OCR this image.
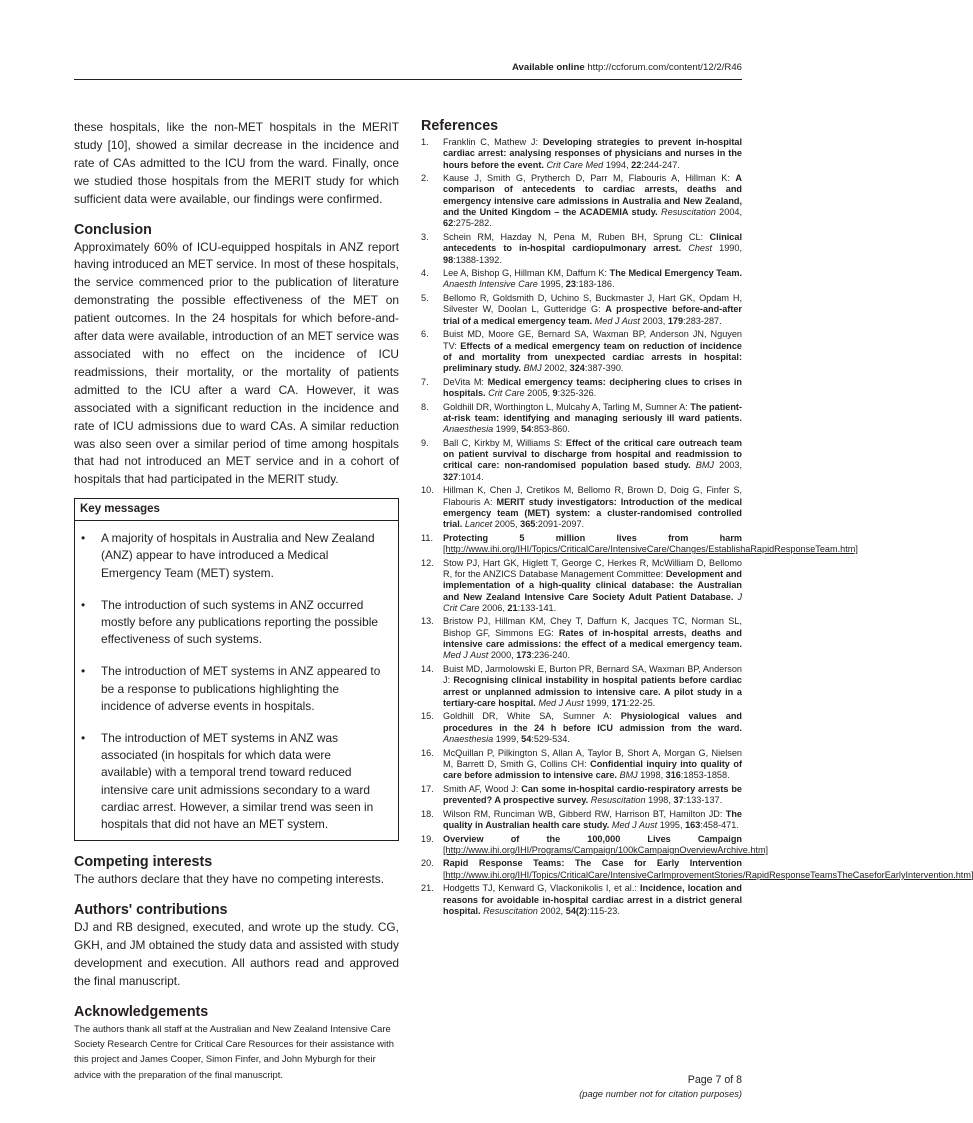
Available online http://ccforum.com/content/12/2/R46

these hospitals, like the non-MET hospitals in the MERIT study [10], showed a similar decrease in the incidence and rate of CAs admitted to the ICU from the ward. Finally, once we studied those hospitals from the MERIT study for which sufficient data were available, our findings were confirmed.

Conclusion

Approximately 60% of ICU-equipped hospitals in ANZ report having introduced an MET service. In most of these hospitals, the service commenced prior to the publication of literature demonstrating the possible effectiveness of the MET on patient outcomes. In the 24 hospitals for which before-and-after data were available, introduction of an MET service was associated with no effect on the incidence of ICU readmissions, their mortality, or the mortality of patients admitted to the ICU after a ward CA. However, it was associated with a significant reduction in the incidence and rate of ICU admissions due to ward CAs. A similar reduction was also seen over a similar period of time among hospitals that had not introduced an MET service and in a cohort of hospitals that had participated in the MERIT study.

Key messages
• A majority of hospitals in Australia and New Zealand (ANZ) appear to have introduced a Medical Emergency Team (MET) system.
• The introduction of such systems in ANZ occurred mostly before any publications reporting the possible effectiveness of such systems.
• The introduction of MET systems in ANZ appeared to be a response to publications highlighting the incidence of adverse events in hospitals.
• The introduction of MET systems in ANZ was associated (in hospitals for which data were available) with a temporal trend toward reduced intensive care unit admissions secondary to a ward cardiac arrest. However, a similar trend was seen in hospitals that did not have an MET system.
Competing interests

The authors declare that they have no competing interests.

Authors' contributions

DJ and RB designed, executed, and wrote up the study. CG, GKH, and JM obtained the study data and assisted with study development and execution. All authors read and approved the final manuscript.

Acknowledgements

The authors thank all staff at the Australian and New Zealand Intensive Care Society Research Centre for Critical Care Resources for their assistance with this project and James Cooper, Simon Finfer, and John Myburgh for their advice with the preparation of the final manuscript.

References
1. Franklin C, Mathew J: Developing strategies to prevent in-hospital cardiac arrest: analysing responses of physicians and nurses in the hours before the event. Crit Care Med 1994, 22:244-247.
2. Kause J, Smith G, Prytherch D, Parr M, Flabouris A, Hillman K: A comparison of antecedents to cardiac arrests, deaths and emergency intensive care admissions in Australia and New Zealand, and the United Kingdom – the ACADEMIA study. Resuscitation 2004, 62:275-282.
3. Schein RM, Hazday N, Pena M, Ruben BH, Sprung CL: Clinical antecedents to in-hospital cardiopulmonary arrest. Chest 1990, 98:1388-1392.
4. Lee A, Bishop G, Hillman KM, Daffurn K: The Medical Emergency Team. Anaesth Intensive Care 1995, 23:183-186.
5. Bellomo R, Goldsmith D, Uchino S, Buckmaster J, Hart GK, Opdam H, Silvester W, Doolan L, Gutteridge G: A prospective before-and-after trial of a medical emergency team. Med J Aust 2003, 179:283-287.
6. Buist MD, Moore GE, Bernard SA, Waxman BP, Anderson JN, Nguyen TV: Effects of a medical emergency team on reduction of incidence of and mortality from unexpected cardiac arrests in hospital: preliminary study. BMJ 2002, 324:387-390.
7. DeVita M: Medical emergency teams: deciphering clues to crises in hospitals. Crit Care 2005, 9:325-326.
8. Goldhill DR, Worthington L, Mulcahy A, Tarling M, Sumner A: The patient-at-risk team: identifying and managing seriously ill ward patients. Anaesthesia 1999, 54:853-860.
9. Ball C, Kirkby M, Williams S: Effect of the critical care outreach team on patient survival to discharge from hospital and readmission to critical care: non-randomised population based study. BMJ 2003, 327:1014.
10. Hillman K, Chen J, Cretikos M, Bellomo R, Brown D, Doig G, Finfer S, Flabouris A: MERIT study investigators: Introduction of the medical emergency team (MET) system: a cluster-randomised controlled trial. Lancet 2005, 365:2091-2097.
11. Protecting 5 million lives from harm [http://www.ihi.org/IHI/Topics/CriticalCare/IntensiveCare/Changes/EstablishaRapidResponseTeam.htm]
12. Stow PJ, Hart GK, Higlett T, George C, Herkes R, McWilliam D, Bellomo R, for the ANZICS Database Management Committee: Development and implementation of a high-quality clinical database: the Australian and New Zealand Intensive Care Society Adult Patient Database. J Crit Care 2006, 21:133-141.
13. Bristow PJ, Hillman KM, Chey T, Daffurn K, Jacques TC, Norman SL, Bishop GF, Simmons EG: Rates of in-hospital arrests, deaths and intensive care admissions: the effect of a medical emergency team. Med J Aust 2000, 173:236-240.
14. Buist MD, Jarmolowski E, Burton PR, Bernard SA, Waxman BP, Anderson J: Recognising clinical instability in hospital patients before cardiac arrest or unplanned admission to intensive care. A pilot study in a tertiary-care hospital. Med J Aust 1999, 171:22-25.
15. Goldhill DR, White SA, Sumner A: Physiological values and procedures in the 24 h before ICU admission from the ward. Anaesthesia 1999, 54:529-534.
16. McQuillan P, Pilkington S, Allan A, Taylor B, Short A, Morgan G, Nielsen M, Barrett D, Smith G, Collins CH: Confidential inquiry into quality of care before admission to intensive care. BMJ 1998, 316:1853-1858.
17. Smith AF, Wood J: Can some in-hospital cardio-respiratory arrests be prevented? A prospective survey. Resuscitation 1998, 37:133-137.
18. Wilson RM, Runciman WB, Gibberd RW, Harrison BT, Hamilton JD: The quality in Australian health care study. Med J Aust 1995, 163:458-471.
19. Overview of the 100,000 Lives Campaign [http://www.ihi.org/IHI/Programs/Campaign/100kCampaignOverviewArchive.htm]
20. Rapid Response Teams: The Case for Early Intervention [http://www.ihi.org/IHI/Topics/CriticalCare/IntensiveCarlmprovementStories/RapidResponseTeamsTheCaseforEarlyIntervention.htm]
21. Hodgetts TJ, Kenward G, Vlackonikolis I, et al.: Incidence, location and reasons for avoidable in-hospital cardiac arrest in a district general hospital. Resuscitation 2002, 54(2):115-23.
Page 7 of 8
(page number not for citation purposes)
